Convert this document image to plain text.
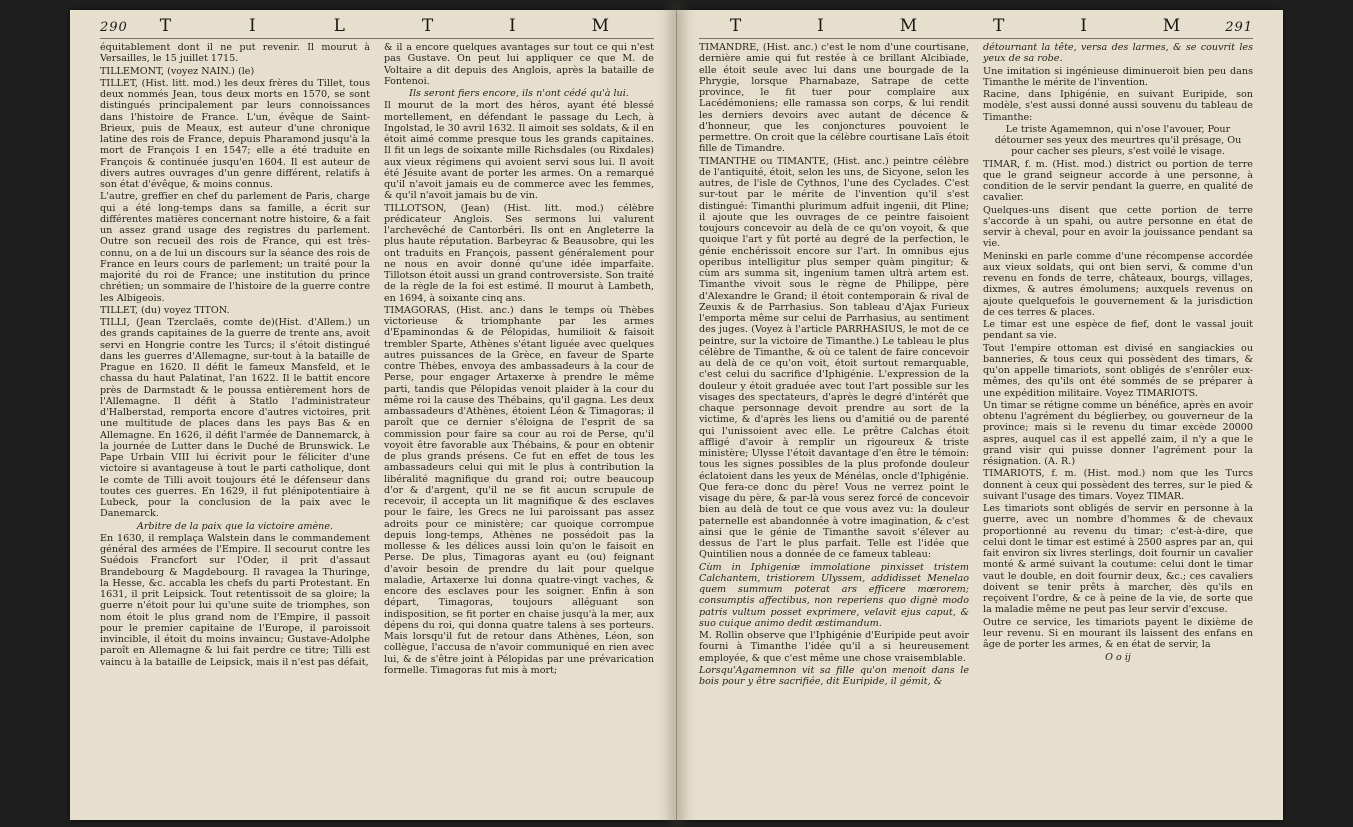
290 T	I	L	T	I	M

équitablement dont il ne put revenir. Il mourut à Versailles, le 15 juillet 1715.

TILLEMONT, (voyez NAIN.) (le)

TILLET, (Hist. litt. mod.) les deux frères du Tillet, tous deux nommés Jean, tous deux morts en 1570, se sont distingués principalement par leurs connoissances dans l'histoire de France. L'un, évêque de Saint-Brieux, puis de Meaux, est auteur d'une chronique latine des rois de France, depuis Pharamond jusqu'à la mort de François I en 1547; elle a été traduite en François & continuée jusqu'en 1604. Il est auteur de divers autres ouvrages d'un genre différent, relatifs à son état d'évêque, & moins connus.

L'autre, greffier en chef du parlement de Paris, charge qui a été long-temps dans sa famille, a écrit sur différentes matières concernant notre histoire, & a fait un assez grand usage des registres du parlement. Outre son recueil des rois de France, qui est très-connu, on a de lui un discours sur la séance des rois de France en leurs cours de parlement; un traité pour la majorité du roi de France; une institution du prince chrétien; un sommaire de l'histoire de la guerre contre les Albigeois.

TILLET, (du) voyez TITON.

TILLI, (Jean Tzerclaës, comte de)(Hist. d'Allem.) un des grands capitaines de la guerre de trente ans, avoit servi en Hongrie contre les Turcs; il s'étoit distingué dans les guerres d'Allemagne, sur-tout à la bataille de Prague en 1620. Il défit le fameux Mansfeld, et le chassa du haut Palatinat, l'an 1622. Il le battit encore près de Darmstadt & le poussa entièrement hors de l'Allemagne. Il défit à Statlo l'administrateur d'Halberstad, remporta encore d'autres victoires, prit une multitude de places dans les pays Bas & en Allemagne. En 1626, il défit l'armée de Dannemarck, à la journée de Lutter dans le Duché de Brunswick. Le Pape Urbain VIII lui écrivit pour le féliciter d'une victoire si avantageuse à tout le parti catholique, dont le comte de Tilli avoit toujours été le défenseur dans toutes ces guerres. En 1629, il fut plénipotentiaire à Lubeck, pour la conclusion de la paix avec le Danemarck.

Arbitre de la paix que la victoire amène.

En 1630, il remplaça Walstein dans le commandement général des armées de l'Empire. Il secourut contre les Suédois Francfort sur l'Oder, il prit d'assaut Brandebourg & Magdebourg. Il ravagea la Thuringe, la Hesse, &c. accabla les chefs du parti Protestant. En 1631, il prit Leipsick. Tout retentissoit de sa gloire; la guerre n'étoit pour lui qu'une suite de triomphes, son nom étoit le plus grand nom de l'Empire, il passoit pour le premier capitaine de l'Europe, il paroissoit invincible, il étoit du moins invaincu; Gustave-Adolphe paroît en Allemagne & lui fait perdre ce titre; Tilli est vaincu à la bataille de Leipsick, mais il n'est pas défait,

& il a encore quelques avantages sur tout ce qui n'est pas Gustave. On peut lui appliquer ce que M. de Voltaire a dit depuis des Anglois, après la bataille de Fontenoi.

Ils seront fiers encore, ils n'ont cédé qu'à lui.

Il mourut de la mort des héros, ayant été blessé mortellement, en défendant le passage du Lech, à Ingolstad, le 30 avril 1632. Il aimoit ses soldats, & il en étoit aimé comme presque tous les grands capitaines. Il fit un legs de soixante mille Richsdales (ou Rixdales) aux vieux régimens qui avoient servi sous lui. Il avoit été Jésuite avant de porter les armes. On a remarqué qu'il n'avoit jamais eu de commerce avec les femmes, & qu'il n'avoit jamais bu de vin.

TILLOTSON, (Jean) (Hist. litt. mod.) célèbre prédicateur Anglois. Ses sermons lui valurent l'archevêché de Cantorbéri. Ils ont en Angleterre la plus haute réputation. Barbeyrac & Beausobre, qui les ont traduits en François, passent généralement pour ne nous en avoir donné qu'une idée imparfaite. Tillotson étoit aussi un grand controversiste. Son traité de la règle de la foi est estimé. Il mourut à Lambeth, en 1694, à soixante cinq ans.

TIMAGORAS, (Hist. anc.) dans le temps où Thèbes victorieuse & triomphante par les armes d'Epaminondas & de Pélopidas, humilioit & faisoit trembler Sparte, Athènes s'étant liguée avec quelques autres puissances de la Grèce, en faveur de Sparte contre Thèbes, envoya des ambassadeurs à la cour de Perse, pour engager Artaxerxe à prendre le même parti, tandis que Pélopidas venoit plaider à la cour du même roi la cause des Thébains, qu'il gagna. Les deux ambassadeurs d'Athènes, étoient Léon & Timagoras; il paroît que ce dernier s'éloigna de l'esprit de sa commission pour faire sa cour au roi de Perse, qu'il voyoit être favorable aux Thébains, & pour en obtenir de plus grands présens. Ce fut en effet de tous les ambassadeurs celui qui mit le plus à contribution la libéralité magnifique du grand roi; outre beaucoup d'or & d'argent, qu'il ne se fit aucun scrupule de recevoir, il accepta un lit magnifique & des esclaves pour le faire, les Grecs ne lui paroissant pas assez adroits pour ce ministère; car quoique corrompue depuis long-temps, Athènes ne possédoit pas la mollesse & les délices aussi loin qu'on le faisoit en Perse. De plus, Timagoras ayant eu (ou) feignant d'avoir besoin de prendre du lait pour quelque maladie, Artaxerxe lui donna quatre-vingt vaches, & encore des esclaves pour les soigner. Enfin à son départ, Timagoras, toujours alléguant son indisposition, se fit porter en chaise jusqu'à la mer, aux dépens du roi, qui donna quatre talens à ses porteurs. Mais lorsqu'il fut de retour dans Athènes, Léon, son collègue, l'accusa de n'avoir communiqué en rien avec lui, & de s'être joint à Pélopidas par une prévarication formelle. Timagoras fut mis à mort;

T	I	M	T	I	M 291

TIMANDRE, (Hist. anc.) c'est le nom d'une courtisane, dernière amie qui fut restée à ce brillant Alcibiade, elle étoit seule avec lui dans une bourgade de la Phrygie, lorsque Pharnabaze, Satrape de cette province, le fit tuer pour complaire aux Lacédémoniens; elle ramassa son corps, & lui rendit les derniers devoirs avec autant de décence & d'honneur, que les conjonctures pouvoient le permettre. On croit que la célèbre courtisane Laïs étoit fille de Timandre.

TIMANTHE ou TIMANTE, (Hist. anc.) peintre célèbre de l'antiquité, étoit, selon les uns, de Sicyone, selon les autres, de l'isle de Cythnos, l'une des Cyclades. C'est sur-tout par le mérite de l'invention qu'il s'est distingué: Timanthi plurimum adfuit ingenii, dit Pline; il ajoute que les ouvrages de ce peintre faisoient toujours concevoir au delà de ce qu'on voyoit, & que quoique l'art y fût porté au degré de la perfection, le génie enchérissoit encore sur l'art. In omnibus ejus operibus intelligitur plus semper quàm pingitur; & cùm ars summa sit, ingenium tamen ultrà artem est. Timanthe vivoit sous le règne de Philippe, père d'Alexandre le Grand; il étoit contemporain & rival de Zeuxis & de Parrhasius. Son tableau d'Ajax Furieux l'emporta même sur celui de Parrhasius, au sentiment des juges. (Voyez à l'article PARRHASIUS, le mot de ce peintre, sur la victoire de Timanthe.) Le tableau le plus célèbre de Timanthe, & où ce talent de faire concevoir au delà de ce qu'on voit, étoit surtout remarquable, c'est celui du sacrifice d'Iphigénie. L'expression de la douleur y étoit graduée avec tout l'art possible sur les visages des spectateurs, d'après le degré d'intérêt que chaque personnage devoit prendre au sort de la victime, & d'après les liens ou d'amitié ou de parenté qui l'unissoient avec elle. Le prêtre Calchas étoit affligé d'avoir à remplir un rigoureux & triste ministère; Ulysse l'étoit davantage d'en être le témoin: tous les signes possibles de la plus profonde douleur éclatoient dans les yeux de Ménélas, oncle d'Iphigénie. Que fera-ce donc du père! Vous ne verrez point le visage du père, & par-là vous serez forcé de concevoir bien au delà de tout ce que vous avez vu: la douleur paternelle est abandonnée à votre imagination, & c'est ainsi que le génie de Timanthe savoit s'élever au dessus de l'art le plus parfait. Telle est l'idée que Quintilien nous a donnée de ce fameux tableau:

Cùm in Iphigeniæ immolatione pinxisset tristem Calchantem, tristiorem Ulyssem, addidisset Menelao quem summum poterat ars efficere mœrorem; consumptis affectibus, non reperiens quo dignè modo patris vultum posset exprimere, velavit ejus caput, & suo cuique animo dedit æstimandum.

M. Rollin observe que l'Iphigénie d'Euripide peut avoir fourni à Timanthe l'idée qu'il a si heureusement employée, & que c'est même une chose vraisemblable.

Lorsqu'Agamemnon vit sa fille qu'on menoit dans le bois pour y être sacrifiée, dit Euripide, il gémit, &

détournant la tête, versa des larmes, & se couvrit les yeux de sa robe.

Une imitation si ingénieuse diminueroit bien peu dans Timanthe le mérite de l'invention.

Racine, dans Iphigénie, en suivant Euripide, son modèle, s'est aussi donné aussi souvenu du tableau de Timanthe:

Le triste Agamemnon, qui n'ose l'avouer, Pour détourner ses yeux des meurtres qu'il présage, Ou pour cacher ses pleurs, s'est voilé le visage.

TIMAR, f. m. (Hist. mod.) district ou portion de terre que le grand seigneur accorde à une personne, à condition de le servir pendant la guerre, en qualité de cavalier.

Quelques-uns disent que cette portion de terre s'accorde à un spahi, ou autre personne en état de servir à cheval, pour en avoir la jouissance pendant sa vie.

Meninski en parle comme d'une récompense accordée aux vieux soldats, qui ont bien servi, & comme d'un revenu en fonds de terre, châteaux, bourgs, villages, dixmes, & autres émolumens; auxquels revenus on ajoute quelquefois le gouvernement & la jurisdiction de ces terres & places.

Le timar est une espèce de fief, dont le vassal jouit pendant sa vie.

Tout l'empire ottoman est divisé en sangiackies ou banneries, & tous ceux qui possèdent des timars, & qu'on appelle timariots, sont obligés de s'enrôler eux-mêmes, des qu'ils ont été sommés de se préparer à une expédition militaire. Voyez TIMARIOTS.

Un timar se rétigne comme un bénéfice, après en avoir obtenu l'agrément du béglierbey, ou gouverneur de la province; mais si le revenu du timar excède 20000 aspres, auquel cas il est appellé zaim, il n'y a que le grand visir qui puisse donner l'agrément pour la résignation. (A. R.)

TIMARIOTS, f. m. (Hist. mod.) nom que les Turcs donnent à ceux qui possèdent des terres, sur le pied & suivant l'usage des timars. Voyez TIMAR.

Les timariots sont obligés de servir en personne à la guerre, avec un nombre d'hommes & de chevaux proportionné au revenu du timar; c'est-à-dire, que celui dont le timar est estimé à 2500 aspres par an, qui fait environ six livres sterlings, doit fournir un cavalier monté & armé suivant la coutume: celui dont le timar vaut le double, en doit fournir deux, &c.; ces cavaliers doivent se tenir prêts à marcher, dès qu'ils en reçoivent l'ordre, & ce à peine de la vie, de sorte que la maladie même ne peut pas leur servir d'excuse.

Outre ce service, les timariots payent le dixième de leur revenu. Si en mourant ils laissent des enfans en âge de porter les armes, & en état de servir, la

O o ij
